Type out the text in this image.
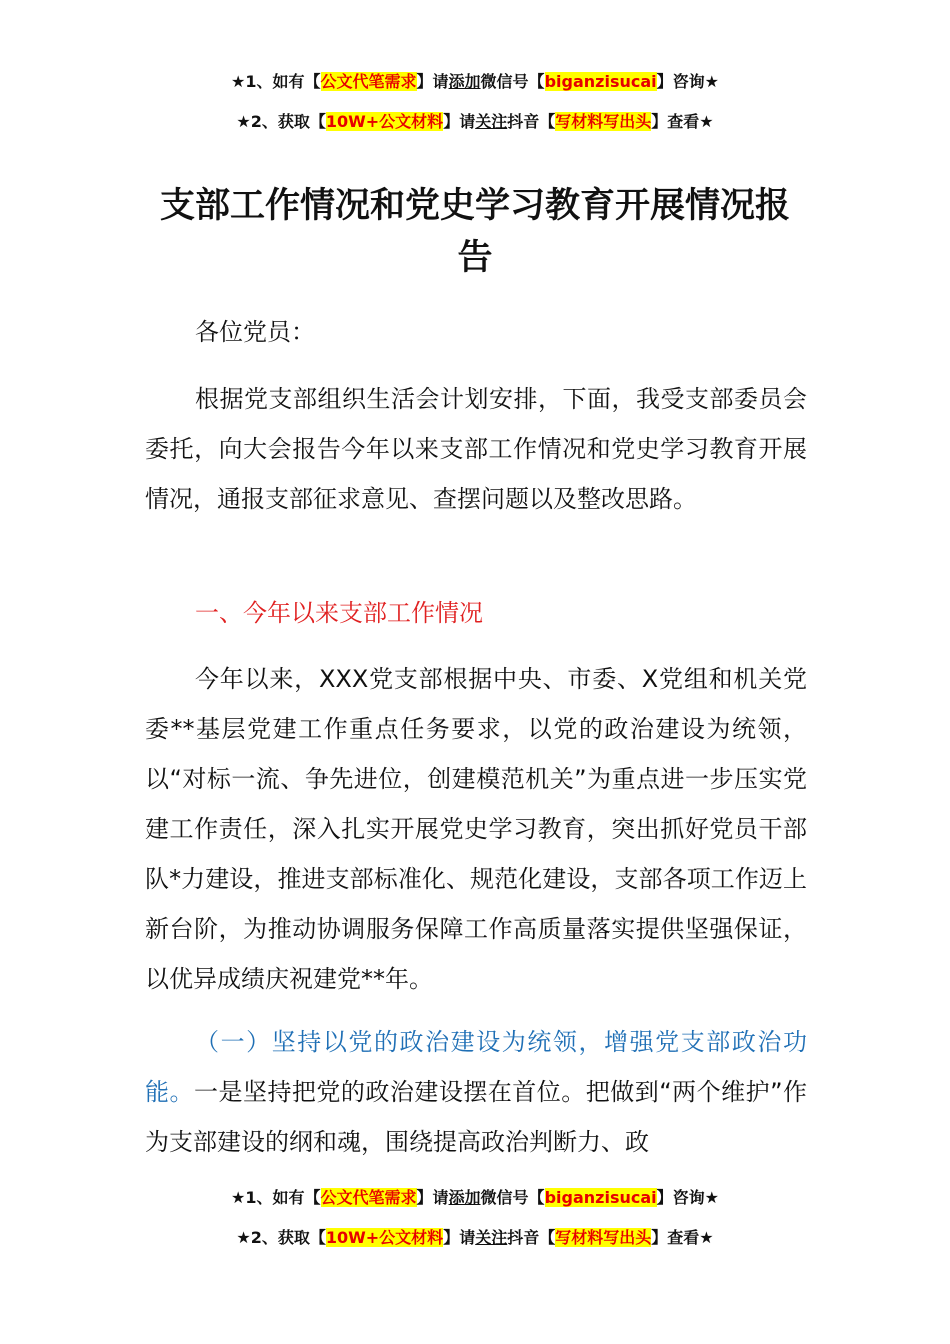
★1、如有【公文代笔需求】请添加微信号【biganzisucai】咨询★
★2、获取【10W+公文材料】请关注抖音【写材料写出头】查看★
支部工作情况和党史学习教育开展情况报告
各位党员：
根据党支部组织生活会计划安排，下面，我受支部委员会委托，向大会报告今年以来支部工作情况和党史学习教育开展情况，通报支部征求意见、查摆问题以及整改思路。
一、今年以来支部工作情况
今年以来，XXX党支部根据中央、市委、X党组和机关党委**基层党建工作重点任务要求，以党的政治建设为统领，以“对标一流、争先进位，创建模范机关”为重点进一步压实党建工作责任，深入扎实开展党史学习教育，突出抓好党员干部队*力建设，推进支部标准化、规范化建设，支部各项工作迈上新台阶，为推动协调服务保障工作高质量落实提供坚强保证，以优异成绩庆祝建党**年。
（一）坚持以党的政治建设为统领，增强党支部政治功能。一是坚持把党的政治建设摆在首位。把做到“两个维护”作为支部建设的纲和魂，围绕提高政治判断力、政
★1、如有【公文代笔需求】请添加微信号【biganzisucai】咨询★
★2、获取【10W+公文材料】请关注抖音【写材料写出头】查看★
